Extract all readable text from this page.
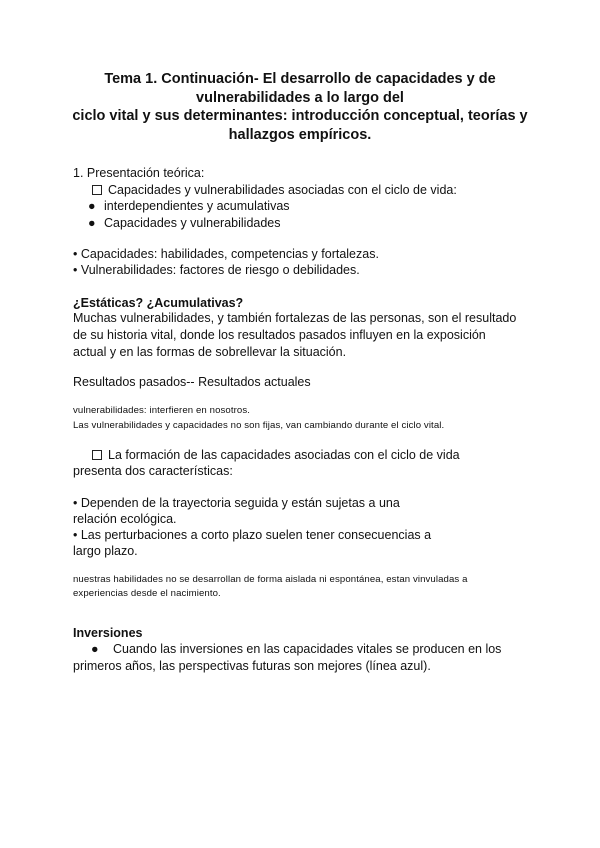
Tema 1. Continuación- El desarrollo de capacidades y de
vulnerabilidades a lo largo del
ciclo vital y sus determinantes: introducción conceptual, teorías y
hallazgos empíricos.
1. Presentación teórica:
Capacidades y vulnerabilidades asociadas con el ciclo de vida:
● interdependientes y acumulativas
● Capacidades y vulnerabilidades
• Capacidades: habilidades, competencias y fortalezas.
• Vulnerabilidades: factores de riesgo o debilidades.
¿Estáticas? ¿Acumulativas?
Muchas vulnerabilidades, y también fortalezas de las personas, son el resultado
de su historia vital, donde los resultados pasados influyen en la exposición
actual y en las formas de sobrellevar la situación.
Resultados pasados-- Resultados actuales
vulnerabilidades: interfieren en nosotros.
Las vulnerabilidades y capacidades no son fijas, van cambiando durante el ciclo vital.
La formación de las capacidades asociadas con el ciclo de vida
presenta dos características:
• Dependen de la trayectoria seguida y están sujetas a una
relación ecológica.
• Las perturbaciones a corto plazo suelen tener consecuencias a
largo plazo.
nuestras habilidades no se desarrollan de forma aislada ni espontánea, estan vinvuladas a
experiencias desde el nacimiento.
Inversiones
● Cuando las inversiones en las capacidades vitales se producen en los
primeros años, las perspectivas futuras son mejores (línea azul).
